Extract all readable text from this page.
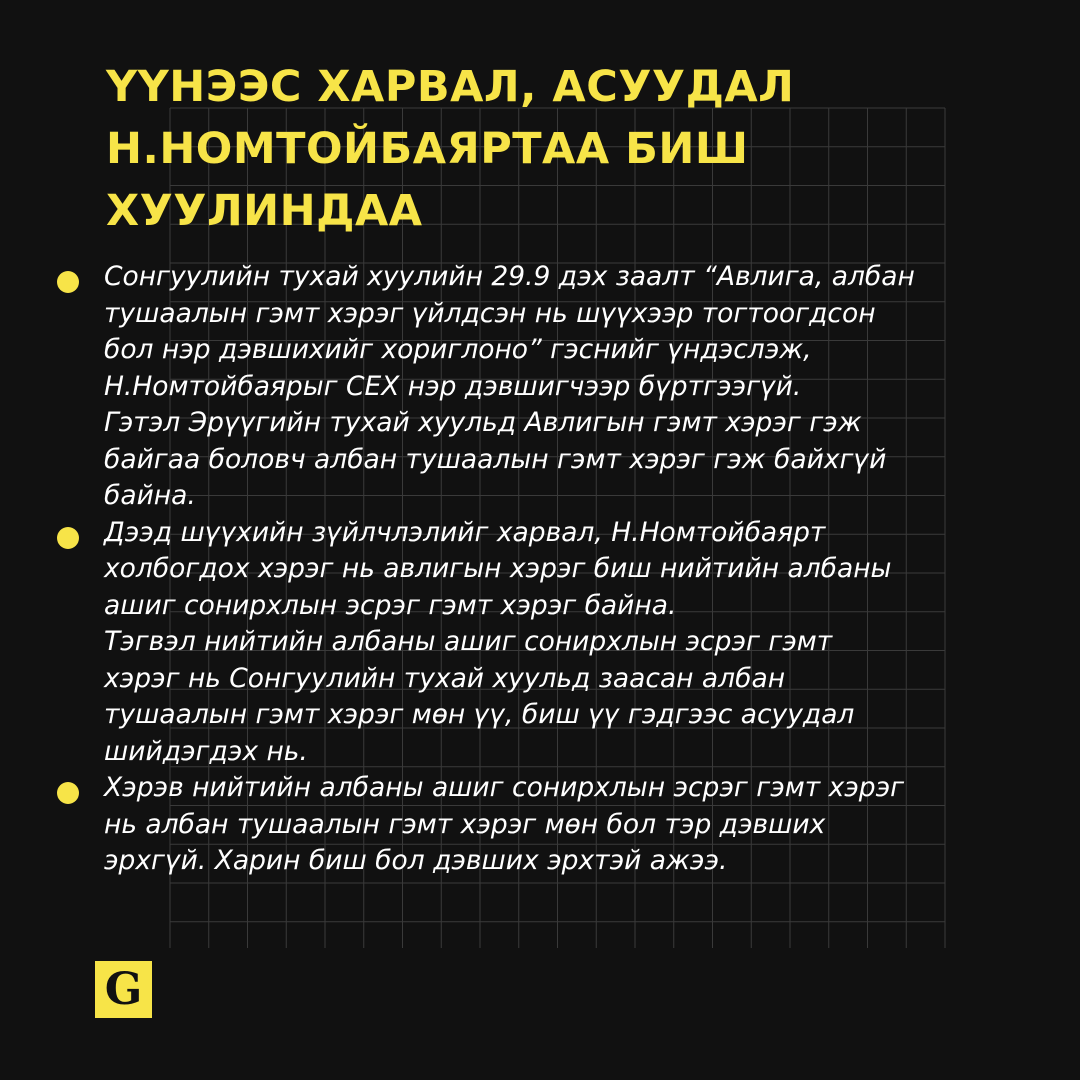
ҮҮНЭЭС ХАРВАЛ, АСУУДАЛ
Н.НОМТОЙБАЯРТАА БИШ
ХУУЛИНДАА
Сонгуулийн тухай хуулийн 29.9 дэх заалт “Авлига, албан
тушаалын гэмт хэрэг үйлдсэн нь шүүхээр тогтоогдсон
бол нэр дэвшихийг хориглоно” гэснийг үндэслэж,
Н.Номтойбаярыг СЕХ нэр дэвшигчээр бүртгээгүй.
Гэтэл Эрүүгийн тухай хуульд Авлигын гэмт хэрэг гэж
байгаа боловч албан тушаалын гэмт хэрэг гэж байхгүй
байна.
Дээд шүүхийн зүйлчлэлийг харвал, Н.Номтойбаярт
холбогдох хэрэг нь авлигын хэрэг биш нийтийн албаны
ашиг сонирхлын эсрэг гэмт хэрэг байна.
Тэгвэл нийтийн албаны ашиг сонирхлын эсрэг гэмт
хэрэг нь Сонгуулийн тухай хуульд заасан албан
тушаалын гэмт хэрэг мөн үү, биш үү гэдгээс асуудал
шийдэгдэх нь.
Хэрэв нийтийн албаны ашиг сонирхлын эсрэг гэмт хэрэг
нь албан тушаалын гэмт хэрэг мөн бол тэр дэвших
эрхгүй. Харин биш бол дэвших эрхтэй ажээ.
G
